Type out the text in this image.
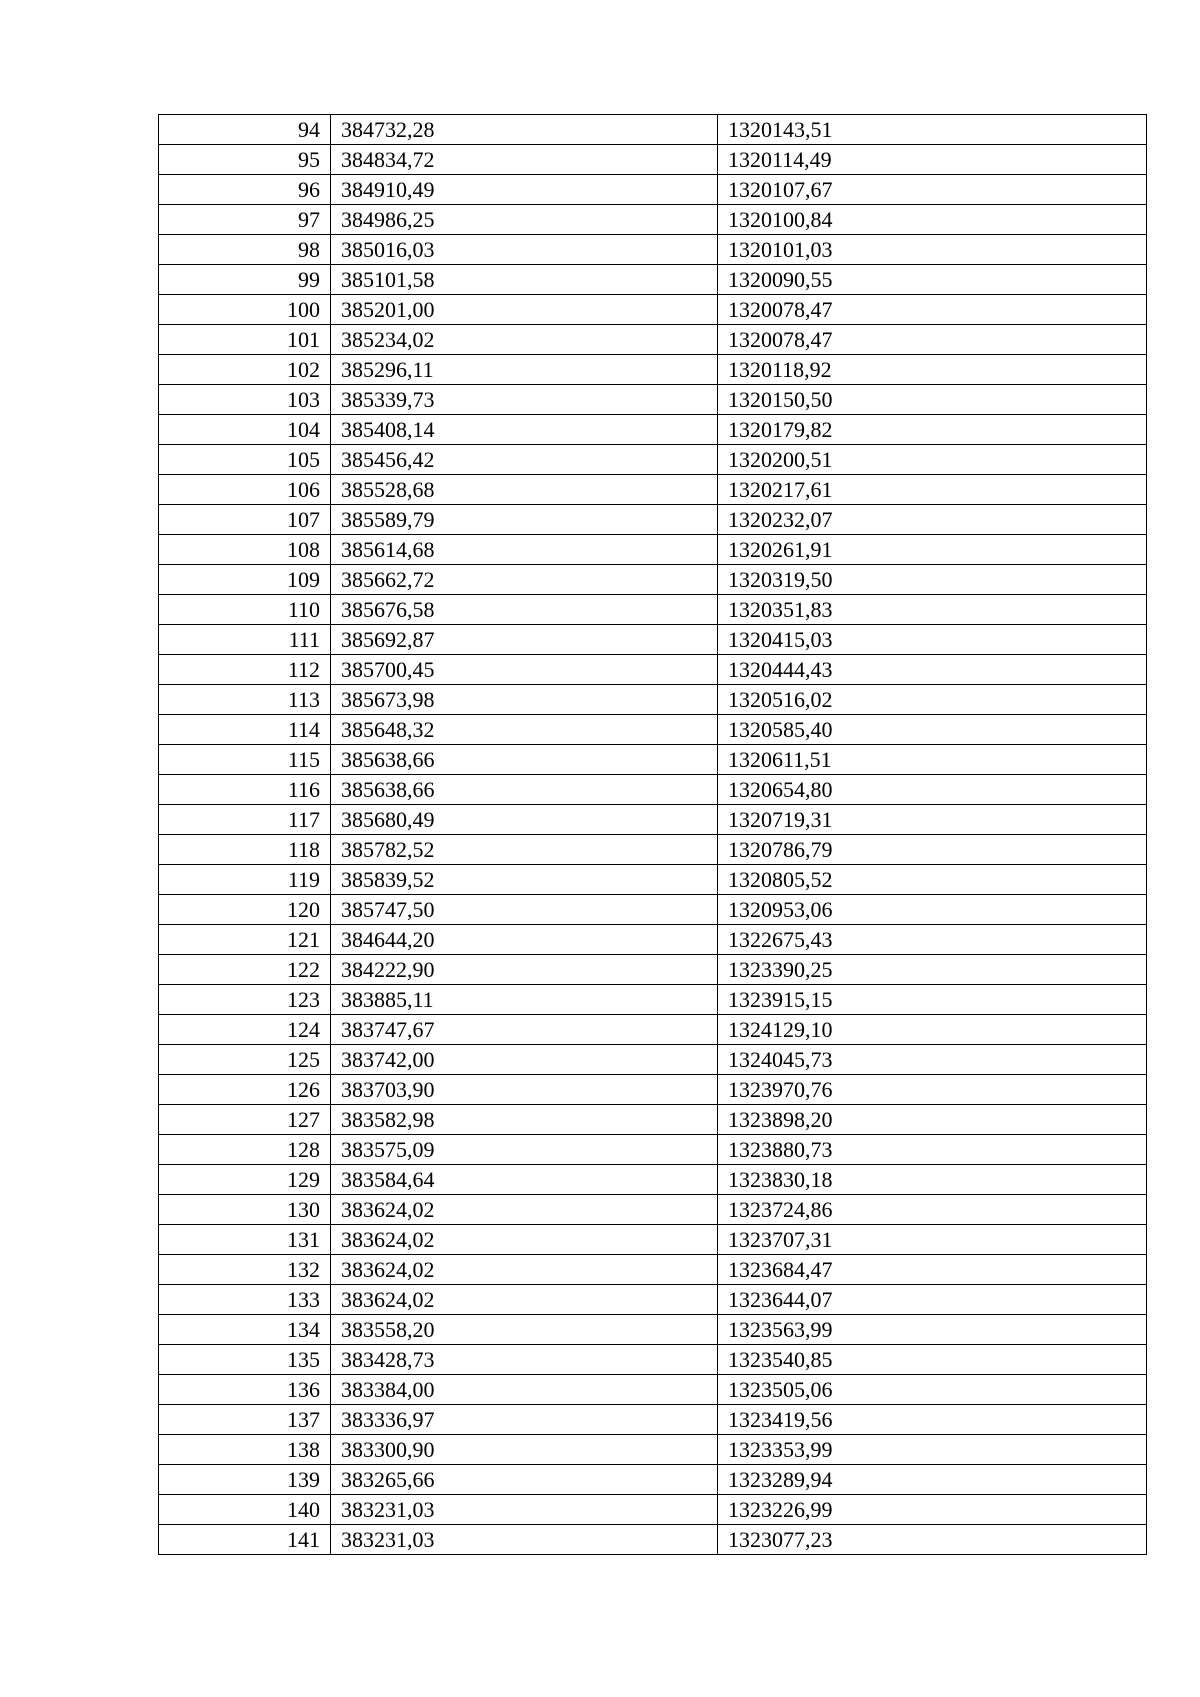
94	384732,28	1320143,51
95	384834,72	1320114,49
96	384910,49	1320107,67
97	384986,25	1320100,84
98	385016,03	1320101,03
99	385101,58	1320090,55
100	385201,00	1320078,47
101	385234,02	1320078,47
102	385296,11	1320118,92
103	385339,73	1320150,50
104	385408,14	1320179,82
105	385456,42	1320200,51
106	385528,68	1320217,61
107	385589,79	1320232,07
108	385614,68	1320261,91
109	385662,72	1320319,50
110	385676,58	1320351,83
111	385692,87	1320415,03
112	385700,45	1320444,43
113	385673,98	1320516,02
114	385648,32	1320585,40
115	385638,66	1320611,51
116	385638,66	1320654,80
117	385680,49	1320719,31
118	385782,52	1320786,79
119	385839,52	1320805,52
120	385747,50	1320953,06
121	384644,20	1322675,43
122	384222,90	1323390,25
123	383885,11	1323915,15
124	383747,67	1324129,10
125	383742,00	1324045,73
126	383703,90	1323970,76
127	383582,98	1323898,20
128	383575,09	1323880,73
129	383584,64	1323830,18
130	383624,02	1323724,86
131	383624,02	1323707,31
132	383624,02	1323684,47
133	383624,02	1323644,07
134	383558,20	1323563,99
135	383428,73	1323540,85
136	383384,00	1323505,06
137	383336,97	1323419,56
138	383300,90	1323353,99
139	383265,66	1323289,94
140	383231,03	1323226,99
141	383231,03	1323077,23
